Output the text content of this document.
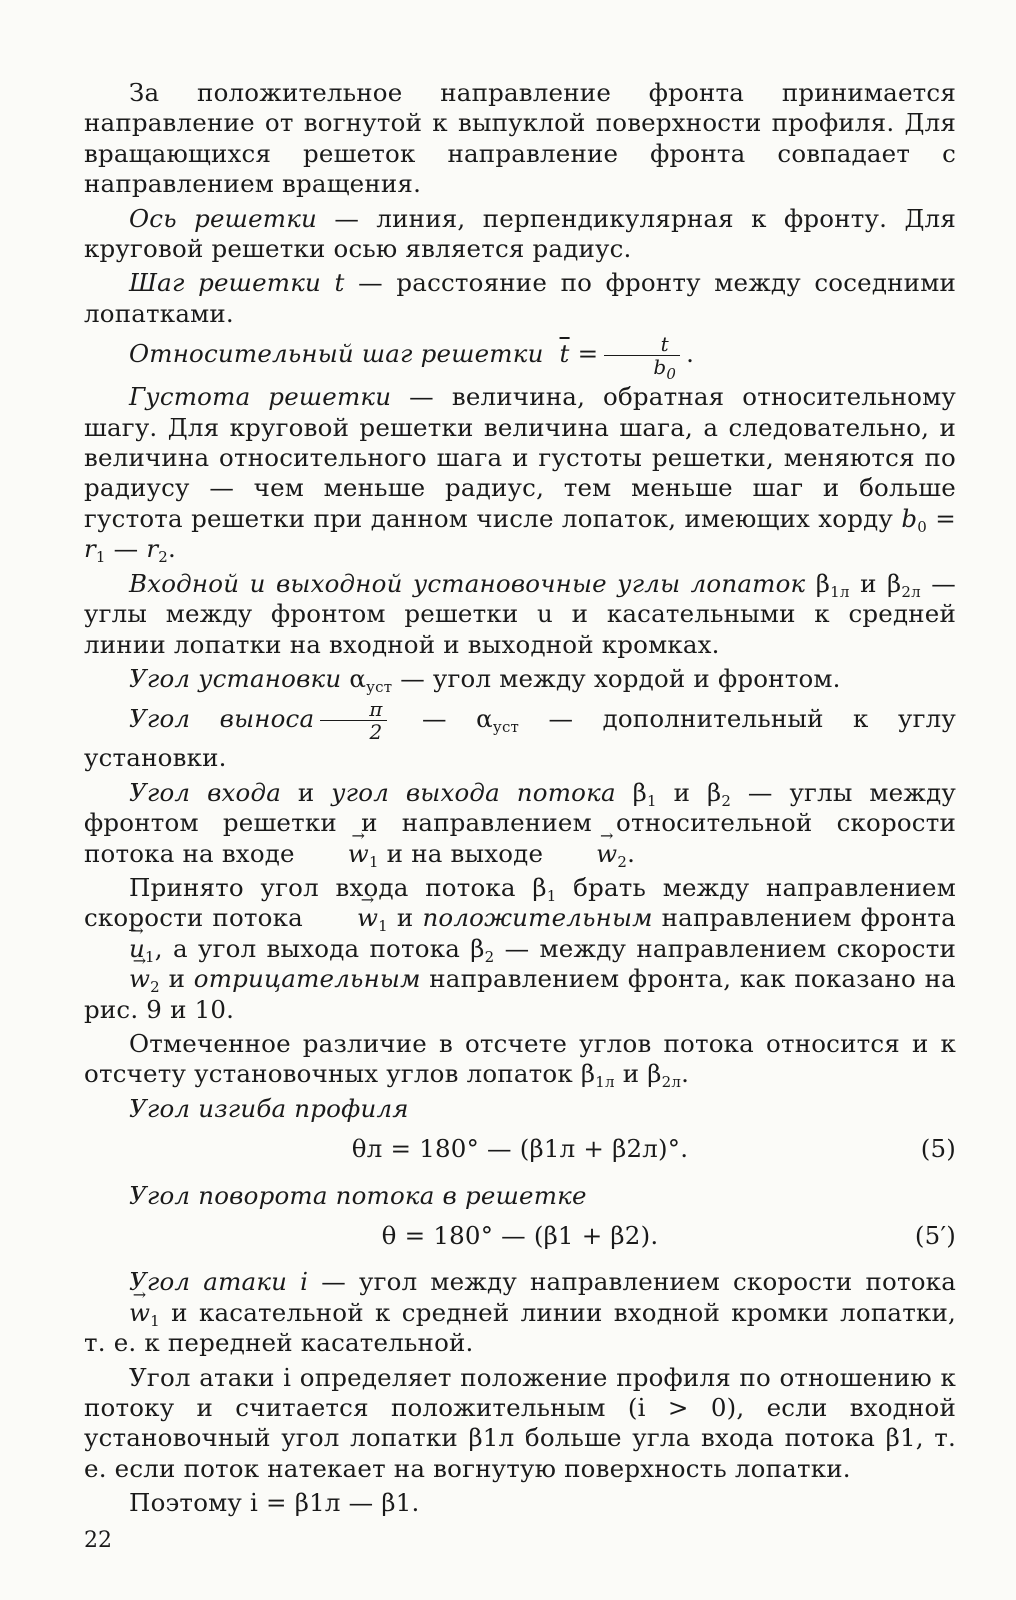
За положительное направление фронта принимается направление от вогнутой к выпуклой поверхности профиля. Для вращающихся решеток направление фронта совпадает с направлением вращения.

Ось решетки — линия, перпендикулярная к фронту. Для круговой решетки осью является радиус.

Шаг решетки t — расстояние по фронту между соседними лопатками.

Относительный шаг решетки $\overline{t} = \frac{t}{b_0}$ .

Густота решетки — величина, обратная относительному шагу. Для круговой решетки величина шага, а следовательно, и величина относительного шага и густоты решетки, меняются по радиусу — чем меньше радиус, тем меньше шаг и больше густота решетки при данном числе лопаток, имеющих хорду $b_0 = r_1$ — $r_2$.

Входной и выходной установочные углы лопаток $\beta_{1л}$ и $\beta_{2л}$ — углы между фронтом решетки u и касательными к средней линии лопатки на входной и выходной кромках.

Угол установки $\alpha_{уст}$ — угол между хордой и фронтом.

Угол выноса $\frac{\pi}{2}$ — $\alpha_{уст}$ — дополнительный к углу установки.

Угол входа и угол выхода потока $\beta_1$ и $\beta_2$ — углы между фронтом решетки и направлением относительной скорости потока на входе → $w_1$ и на выходе → $w_2$.

Принято угол входа потока $\beta_1$ брать между направлением скорости потока → $w_1$ и положительным направлением фронта → $u_1$, а угол выхода потока $\beta_2$ — между направлением скорости → $w_2$ и отрицательным направлением фронта, как показано на рис. 9 и 10.

Отмеченное различие в отсчете углов потока относится и к отсчету установочных углов лопаток $\beta_{1л}$ и $\beta_{2л}$.

Угол изгиба профиля

θл = 180° — (β1л + β2л)°.	(5)

Угол поворота потока в решетке

θ = 180° — (β1 + β2).	(5′)

Угол атаки i — угол между направлением скорости потока → $w_1$ и касательной к средней линии входной кромки лопатки, т. е. к передней касательной.

Угол атаки i определяет положение профиля по отношению к потоку и считается положительным (i > 0), если входной установочный угол лопатки β1л больше угла входа потока β1, т. е. если поток натекает на вогнутую поверхность лопатки.

Поэтому i = β1л — β1.

22
